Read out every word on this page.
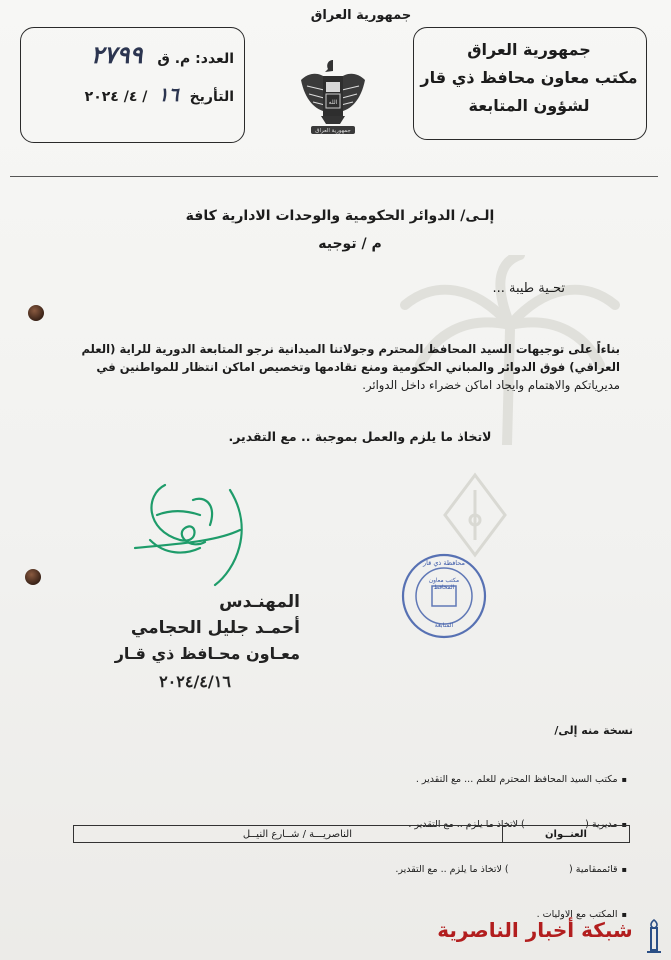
جمهورية العراق
العدد: م. ق ٢٧٩٩
التأريخ ١٦ / ٤/ ٢٠٢٤	الله
جمهورية العراق
جمهورية العراق
مكتب معاون محافظ ذي قار
لشؤون المتابعة
إلـى/ الدوائر الحكومية والوحدات الادارية كافة
م / توجيه
تحـية طيبة ...
بناءاً على توجيهات السيد المحافظ المحترم وجولاتنا الميدانية نرجو المتابعة الدورية للراية (العلم
العراقي) فوق الدوائر والمباني الحكومية ومنع تقادمها وتخصيص اماكن انتظار للمواطنين في
مديرياتكم والاهتمام وايجاد اماكن خضراء داخل الدوائر.
لاتخاذ ما يلزم والعمل بموجبة .. مع التقدير.
المهنـدس
أحمـد جليل الحجامي
معـاون محـافظ ذي قـار
٢٠٢٤/٤/١٦
محافظة ذي قار
مكتب معاون المحافظ
المتابعة
نسخة منه إلى/

▪ مكتب السيد المحافظ المحترم للعلم ... مع التقدير .

▪ مديرية (                    ) لاتخاذ ما يلزم .. مع التقدير .

▪ قائممقامية (                    ) لاتخاذ ما يلزم .. مع التقدير.

▪ المكتب مع الاوليات .

العنــوان	الناصريـــة / شــارع النيــل
شبكة أخبار الناصرية
